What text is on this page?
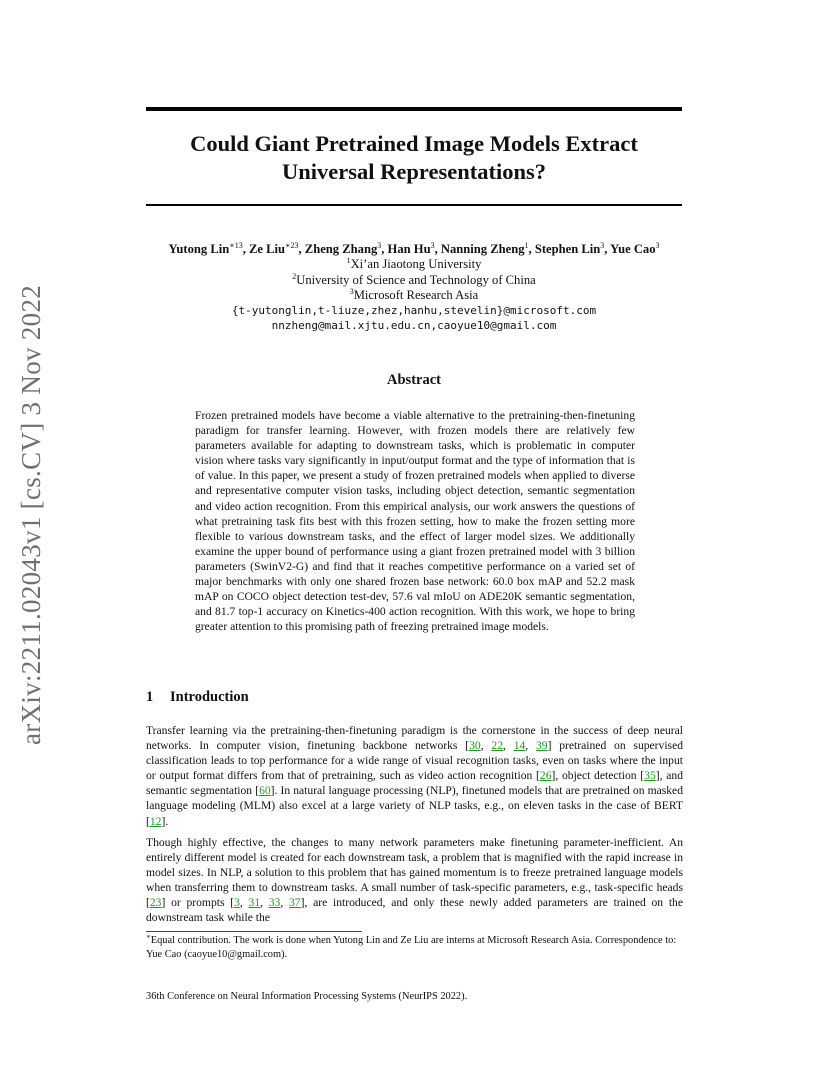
arXiv:2211.02043v1 [cs.CV] 3 Nov 2022
Could Giant Pretrained Image Models Extract
Universal Representations?
Yutong Lin$^{∗13}$, Ze Liu$^{∗23}$, Zheng Zhang$^3$, Han Hu$^3$, Nanning Zheng$^1$, Stephen Lin$^3$, Yue Cao$^3$
$^1$Xi’an Jiaotong University
$^2$University of Science and Technology of China
$^3$Microsoft Research Asia
{t-yutonglin,t-liuze,zhez,hanhu,stevelin}@microsoft.com
nnzheng@mail.xjtu.edu.cn,caoyue10@gmail.com
Abstract
Frozen pretrained models have become a viable alternative to the pretraining-then-finetuning paradigm for transfer learning. However, with frozen models there are relatively few parameters available for adapting to downstream tasks, which is problematic in computer vision where tasks vary significantly in input/output format and the type of information that is of value. In this paper, we present a study of frozen pretrained models when applied to diverse and representative computer vision tasks, including object detection, semantic segmentation and video action recognition. From this empirical analysis, our work answers the questions of what pretraining task fits best with this frozen setting, how to make the frozen setting more flexible to various downstream tasks, and the effect of larger model sizes. We additionally examine the upper bound of performance using a giant frozen pretrained model with 3 billion parameters (SwinV2-G) and find that it reaches competitive performance on a varied set of major benchmarks with only one shared frozen base network: 60.0 box mAP and 52.2 mask mAP on COCO object detection test-dev, 57.6 val mIoU on ADE20K semantic segmentation, and 81.7 top-1 accuracy on Kinetics-400 action recognition. With this work, we hope to bring greater attention to this promising path of freezing pretrained image models.
1 Introduction

Transfer learning via the pretraining-then-finetuning paradigm is the cornerstone in the success of deep neural networks. In computer vision, finetuning backbone networks [30, 22, 14, 39] pretrained on supervised classification leads to top performance for a wide range of visual recognition tasks, even on tasks where the input or output format differs from that of pretraining, such as video action recognition [26], object detection [35], and semantic segmentation [60]. In natural language processing (NLP), finetuned models that are pretrained on masked language modeling (MLM) also excel at a large variety of NLP tasks, e.g., on eleven tasks in the case of BERT [12].

Though highly effective, the changes to many network parameters make finetuning parameter-inefficient. An entirely different model is created for each downstream task, a problem that is magnified with the rapid increase in model sizes. In NLP, a solution to this problem that has gained momentum is to freeze pretrained language models when transferring them to downstream tasks. A small number of task-specific parameters, e.g., task-specific heads [23] or prompts [3, 31, 33, 37], are introduced, and only these newly added parameters are trained on the downstream task while the

∗Equal contribution. The work is done when Yutong Lin and Ze Liu are interns at Microsoft Research Asia. Correspondence to: Yue Cao (caoyue10@gmail.com).
36th Conference on Neural Information Processing Systems (NeurIPS 2022).
